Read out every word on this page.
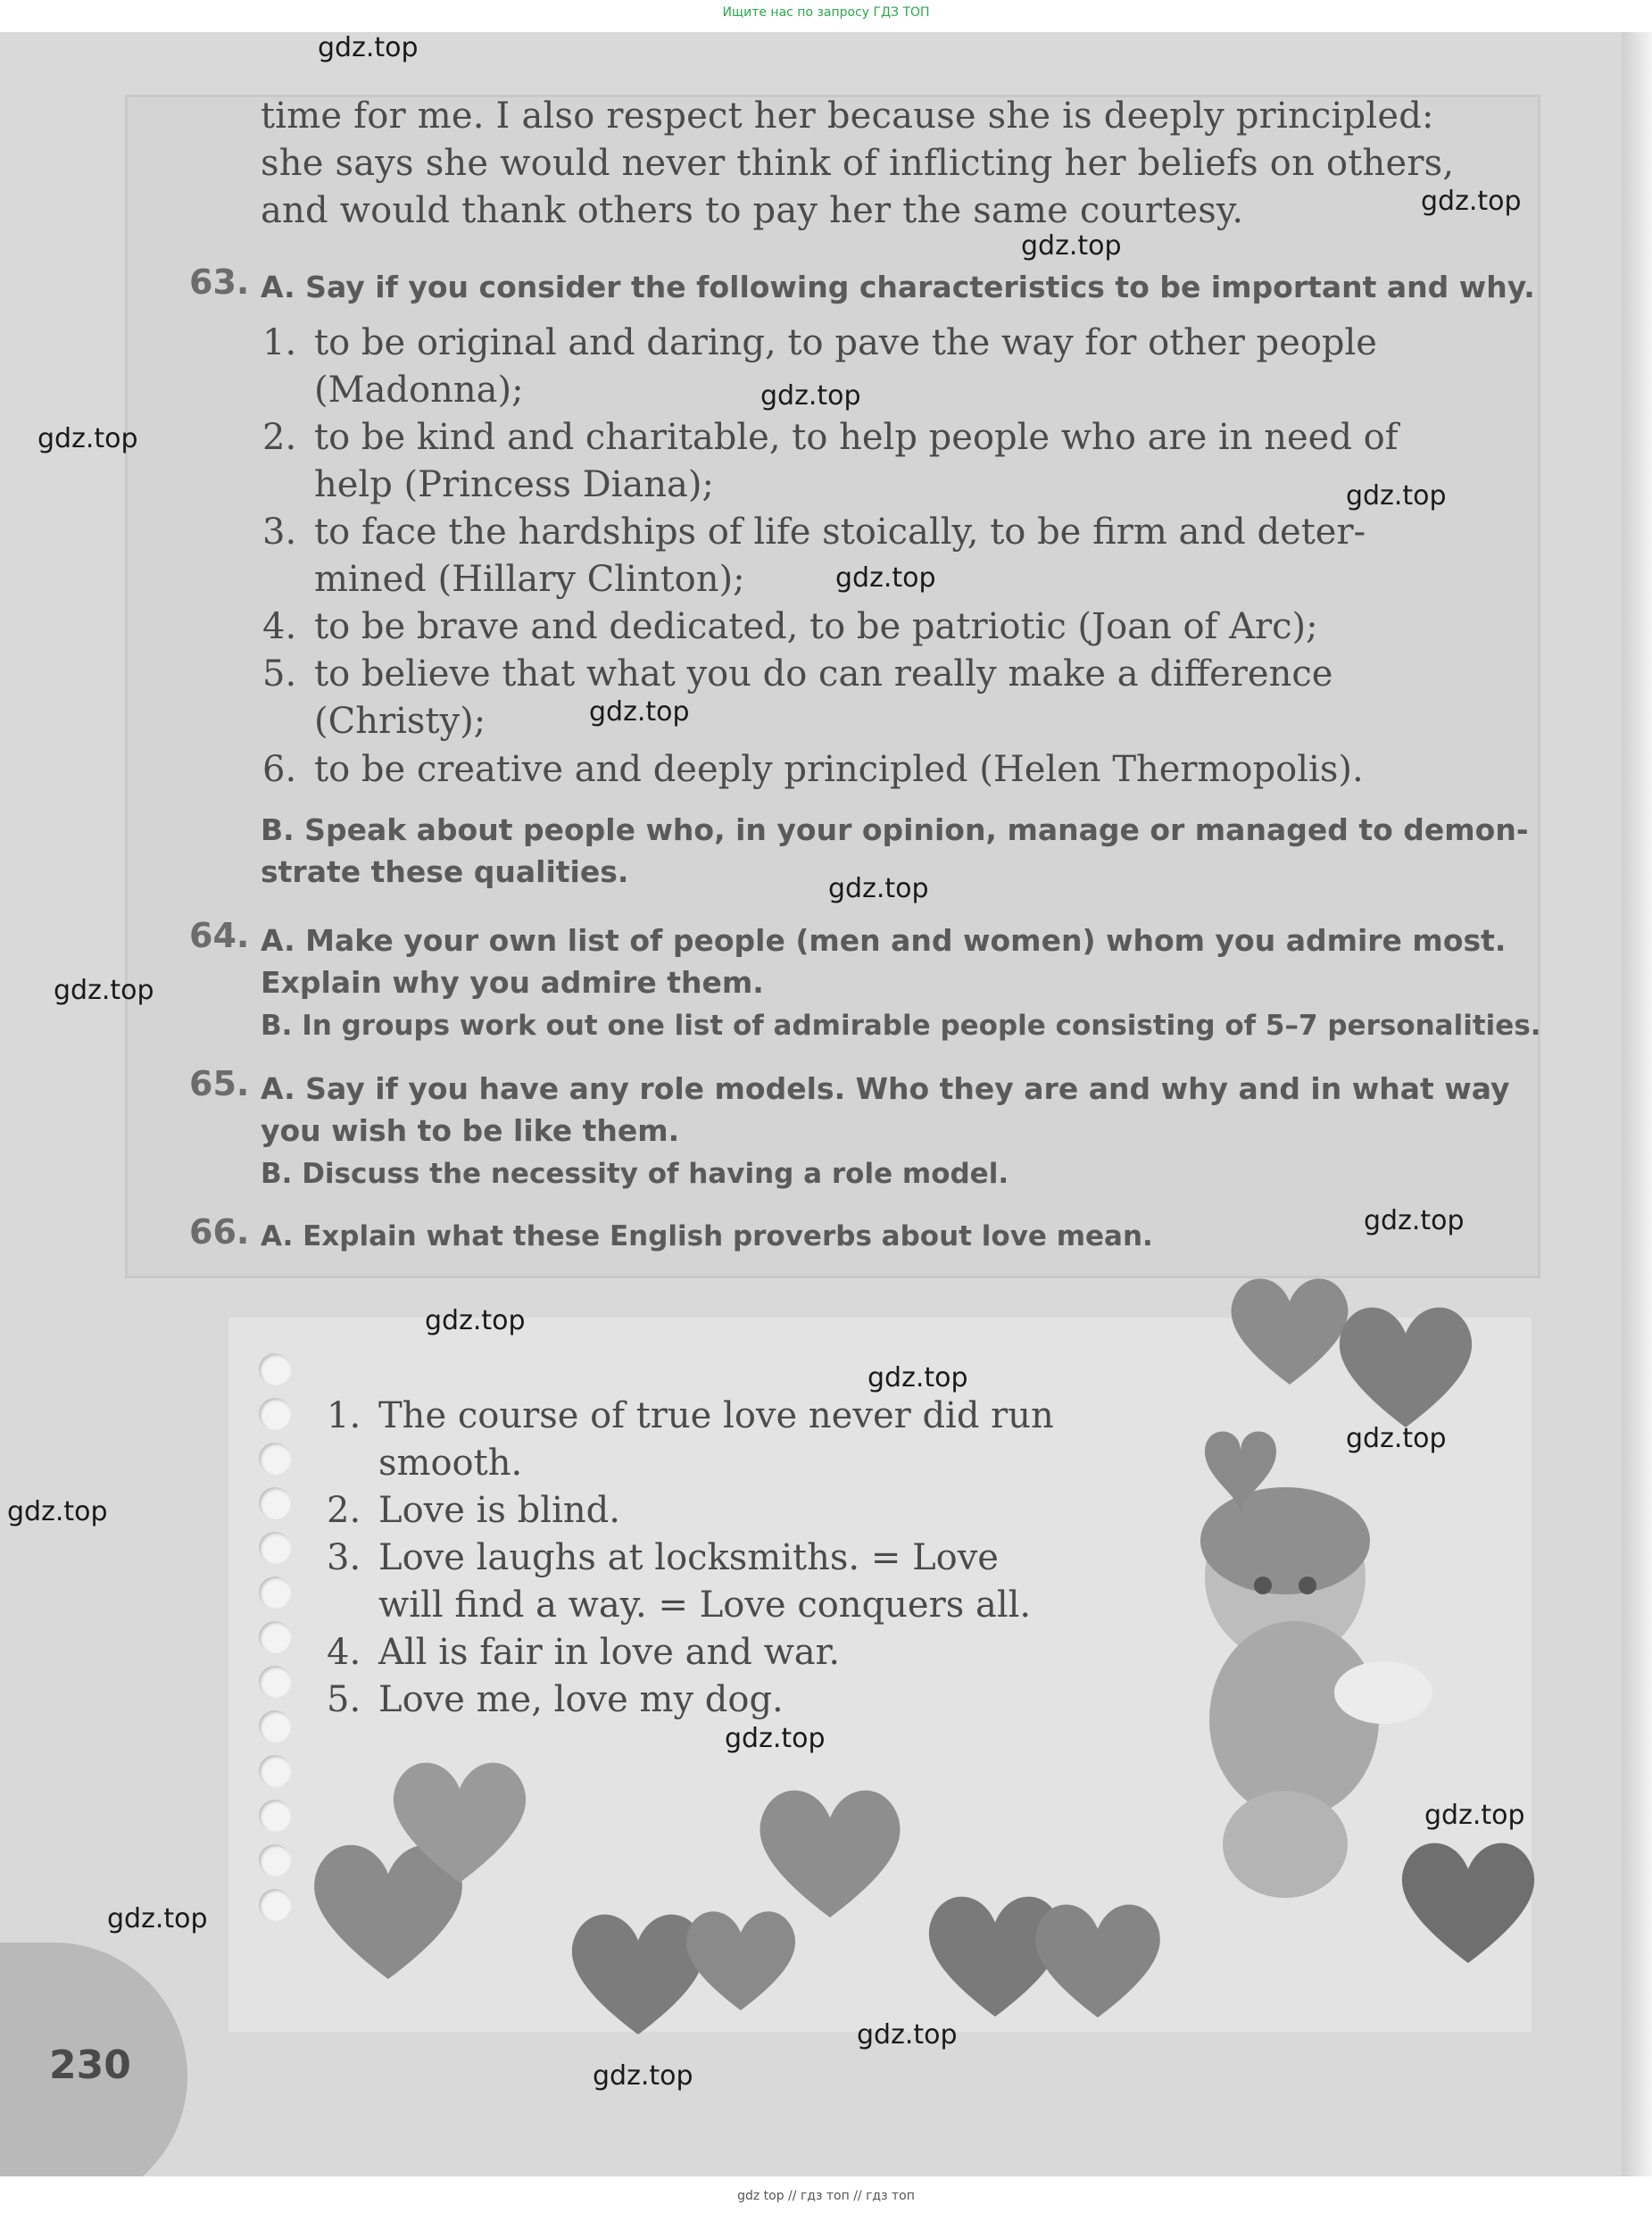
Ищите нас по запросу ГДЗ ТОП
time for me. I also respect her because she is deeply principled:
she says she would never think of inflicting her beliefs on others,
and would thank others to pay her the same courtesy.
63. A. Say if you consider the following characteristics to be important and why.
1. to be original and daring, to pave the way for other people
(Madonna);
2. to be kind and charitable, to help people who are in need of
help (Princess Diana);
3. to face the hardships of life stoically, to be firm and deter-
mined (Hillary Clinton);
4. to be brave and dedicated, to be patriotic (Joan of Arc);
5. to believe that what you do can really make a difference
(Christy);
6. to be creative and deeply principled (Helen Thermopolis).
B. Speak about people who, in your opinion, manage or managed to demon-
strate these qualities.
64. A. Make your own list of people (men and women) whom you admire most.
Explain why you admire them.
B. In groups work out one list of admirable people consisting of 5–7 personalities.
65. A. Say if you have any role models. Who they are and why and in what way
you wish to be like them.
B. Discuss the necessity of having a role model.
66. A. Explain what these English proverbs about love mean.
1. The course of true love never did run
smooth.
2. Love is blind.
3. Love laughs at locksmiths. = Love
will find a way. = Love conquers all.
4. All is fair in love and war.
5. Love me, love my dog.
230
gdz.top
gdz.top
gdz.top
gdz.top
gdz.top
gdz.top
gdz.top
gdz.top
gdz.top
gdz.top
gdz.top
gdz.top
gdz.top
gdz.top
gdz.top
gdz.top
gdz.top
gdz.top
gdz.top
gdz.top
gdz top // гдз топ // гдз топ
